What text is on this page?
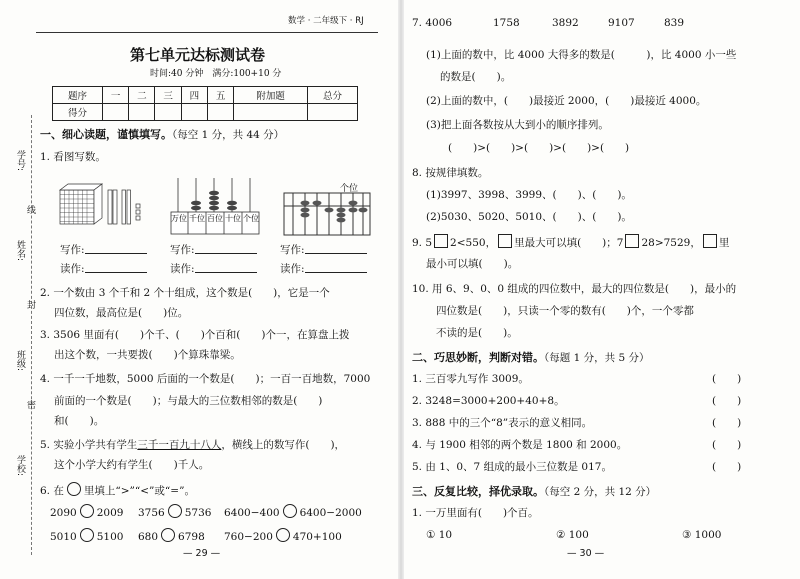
学号:
线
姓名:
封
班级:
密
学校:
第七单元达标测试卷
时间:40 分钟　满分:100+10 分
题序	一	二	三	四	五	附加题	总分
得分							
一、细心读题，谨慎填写。（每空 1 分，共 44 分）
1. 看图写数。
万位 千位 百位 十位 个位
个位
写作:	写作:	写作:
读作:	读作:	读作:
2. 一个数由 3 个千和 2 个十组成，这个数是(　　)，它是一个
四位数，最高位是(　　)位。
3. 3506 里面有(　　)个千、(　　)个百和(　　)个一，在算盘上拨
出这个数，一共要拨(　　)个算珠靠梁。
4. 一千一千地数，5000 后面的一个数是(　　)；一百一百地数，7000
前面的一个数是(　　)；与最大的三位数相邻的数是(　　)
和(　　)。
5. 实验小学共有学生三千一百九十八人，横线上的数写作(　　)，
这个小学大约有学生(　　)千人。
6. 在 里填上“>”“<”或“=”。
2090 2009 3756 5736 6400−400 6400−2000
5010 5100 680 6798 760−200 470+100
— 29 —
数学 · 二年级下 · RJ	7. 4006	1758	3892	9107	839
(1)上面的数中，比 4000 大得多的数是(　　　)，比 4000 小一些
的数是(　　)。
(2)上面的数中，(　　)最接近 2000，(　　)最接近 4000。
(3)把上面各数按从大到小的顺序排列。
(　　)>(　　)>(　　)>(　　)>(　　)
8. 按规律填数。
(1)3997、3998、3999、(　　)、(　　)。
(2)5030、5020、5010、(　　)、(　　)。
9. 5 2<550， 里最大可以填(　　)；7 28>7529， 里
最小可以填(　　)。
10. 用 6、9、0、0 组成的四位数中，最大的四位数是(　　)，最小的
四位数是(　　)，只读一个零的数有(　　)个，一个零都
不读的是(　　)。
二、巧思妙断，判断对错。（每题 1 分，共 5 分）
1. 三百零九写作 3009。	(　　)
2. 3248=3000+200+40+8。	(　　)
3. 888 中的三个“8”表示的意义相同。	(　　)
4. 与 1900 相邻的两个数是 1800 和 2000。	(　　)
5. 由 1、0、7 组成的最小三位数是 017。	(　　)
三、反复比较，择优录取。（每空 2 分，共 12 分）
1. 一万里面有(　　)个百。
① 10	② 100	③ 1000
— 30 —
